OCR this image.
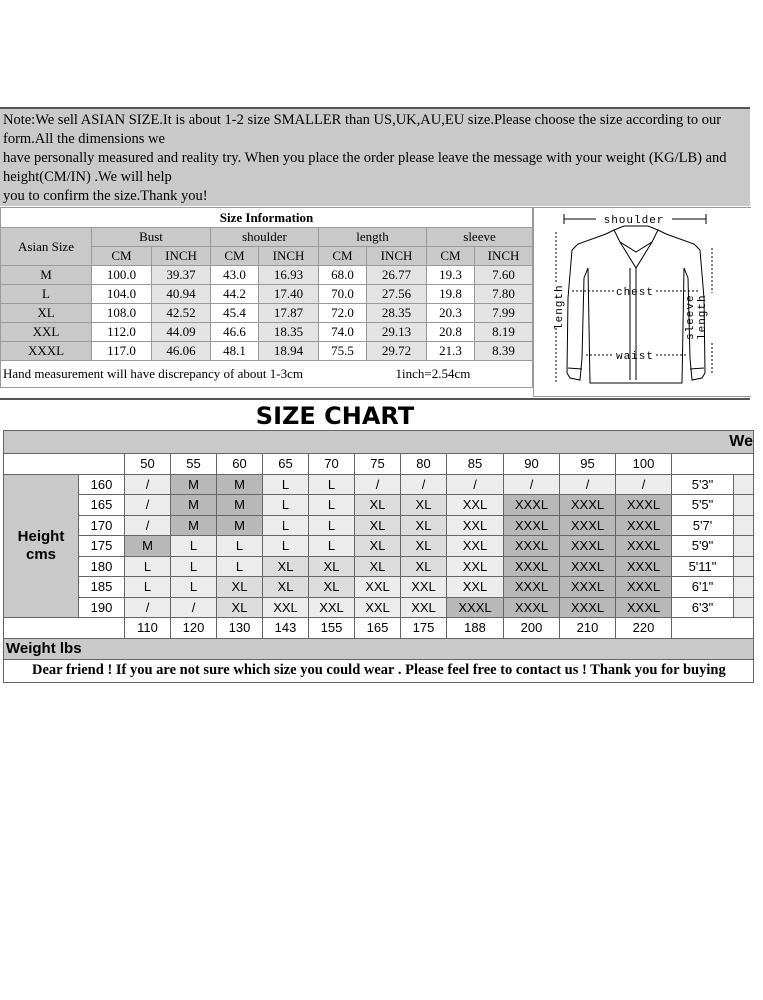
Note:We sell ASIAN SIZE.It is about 1-2 size SMALLER than US,UK,AU,EU size.Please choose the size according to our
form.All the dimensions we
have personally measured and reality try. When you place the order please leave the message with your weight (KG/LB) and
height(CM/IN) .We will help
you to confirm the size.Thank you!
Size Information								
Asian Size	Bust		shoulder		length		sleeve	
	CM	INCH	CM	INCH	CM	INCH	CM	INCH
M	100.0	39.37	43.0	16.93	68.0	26.77	19.3	7.60
L	104.0	40.94	44.2	17.40	70.0	27.56	19.8	7.80
XL	108.0	42.52	45.4	17.87	72.0	28.35	20.3	7.99
XXL	112.0	44.09	46.6	18.35	74.0	29.13	20.8	8.19
XXXL	117.0	46.06	48.1	18.94	75.5	29.72	21.3	8.39
Hand measurement will have discrepancy of about 1-3cm 1inch=2.54cm								
shoulder
chest
waist
length	sleeve length
SIZE CHART
We														
		50	55	60	65	70	75	80	85	90	95	100		

Height
cms	160	/	M	M	L	L	/	/	/	/	/	/	5'3"	
	165	/	M	M	L	L	XL	XL	XXL	XXXL	XXXL	XXXL	5'5"	
	170	/	M	M	L	L	XL	XL	XXL	XXXL	XXXL	XXXL	5'7'	
	175	M	L	L	L	L	XL	XL	XXL	XXXL	XXXL	XXXL	5'9"	
	180	L	L	L	XL	XL	XL	XL	XXL	XXXL	XXXL	XXXL	5'11"	
	185	L	L	XL	XL	XL	XXL	XXL	XXL	XXXL	XXXL	XXXL	6'1"	
	190	/	/	XL	XXL	XXL	XXL	XXL	XXXL	XXXL	XXXL	XXXL	6'3"	
		110	120	130	143	155	165	175	188	200	210	220		
Weight lbs														
Dear friend ! If you are not sure which size you could wear . Please feel free to contact us ! Thank you for buying														
